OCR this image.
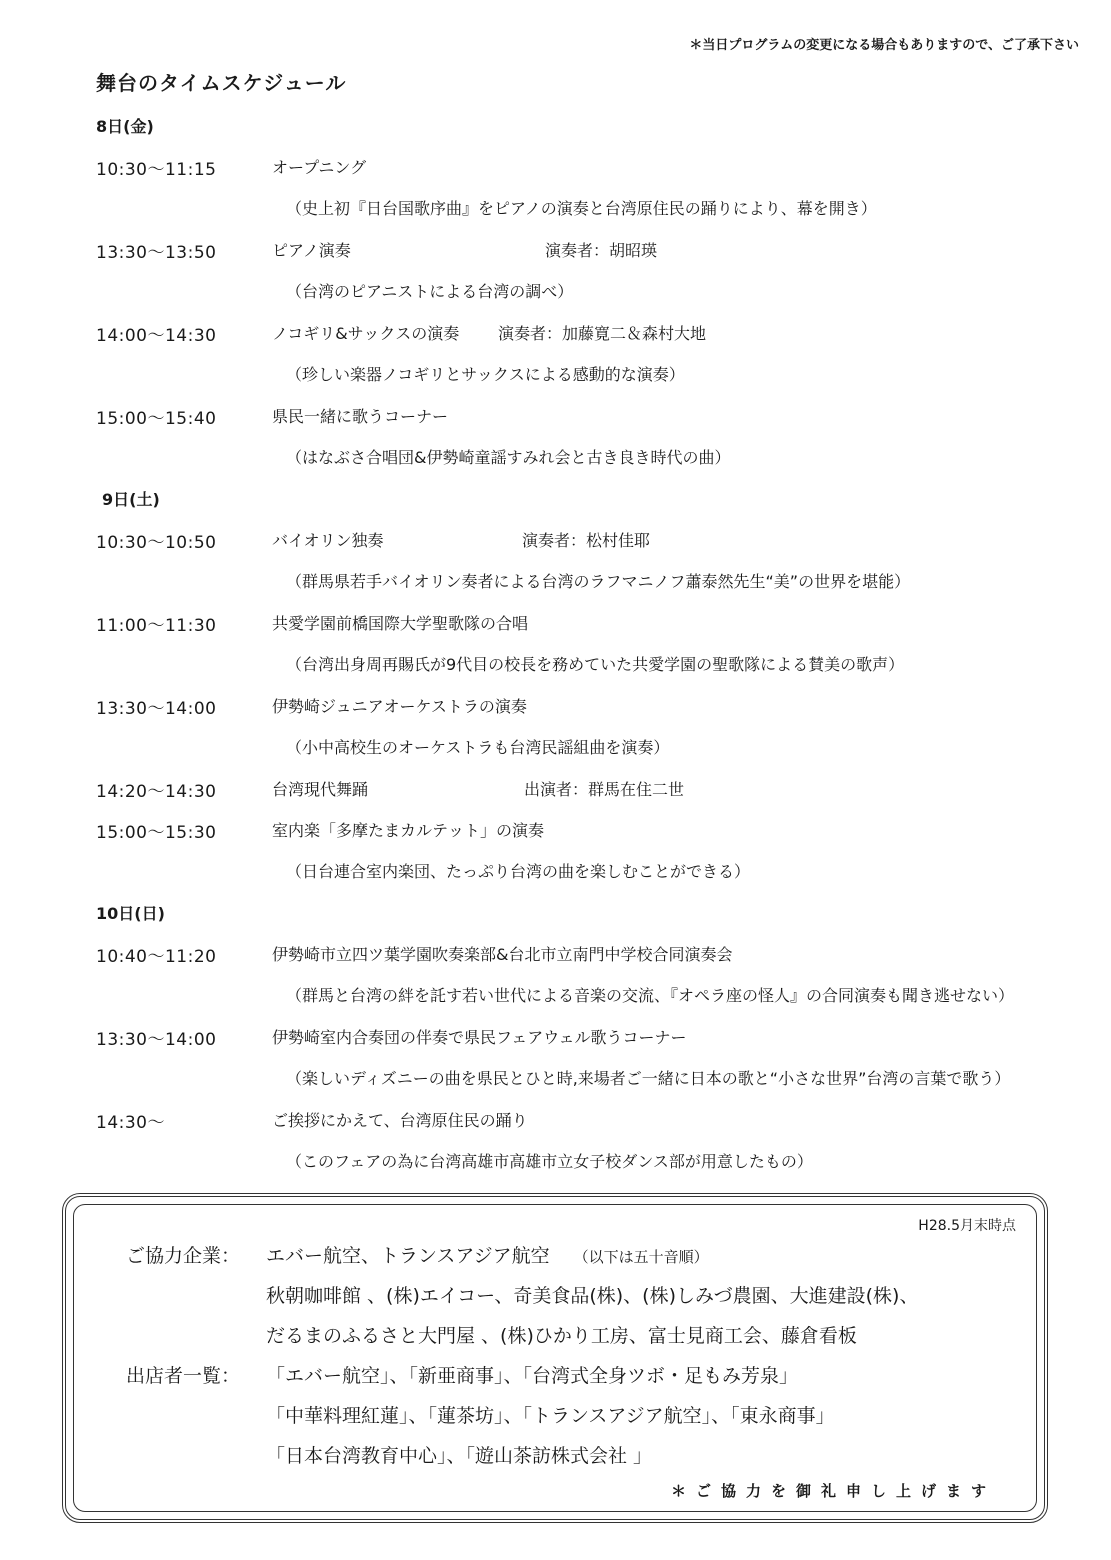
＊当日プログラムの変更になる場合もありますので、ご了承下さい
舞台のタイムスケジュール
8日(金)
10:30〜11:15	オープニング
（史上初『日台国歌序曲』をピアノの演奏と台湾原住民の踊りにより、幕を開き）
13:30〜13:50	ピアノ演奏	演奏者：胡昭瑛
（台湾のピアニストによる台湾の調べ）
14:00〜14:30	ノコギリ&サックスの演奏 演奏者：加藤寛二＆森村大地
（珍しい楽器ノコギリとサックスによる感動的な演奏）
15:00〜15:40	県民一緒に歌うコーナー
（はなぶさ合唱団&伊勢崎童謡すみれ会と古き良き時代の曲）
9日(土)
10:30〜10:50	バイオリン独奏	演奏者：松村佳耶
（群馬県若手バイオリン奏者による台湾のラフマニノフ蕭泰然先生“美”の世界を堪能）
11:00〜11:30	共愛学園前橋国際大学聖歌隊の合唱
（台湾出身周再賜氏が9代目の校長を務めていた共愛学園の聖歌隊による賛美の歌声）
13:30〜14:00	伊勢崎ジュニアオーケストラの演奏
（小中高校生のオーケストラも台湾民謡組曲を演奏）
14:20〜14:30	台湾現代舞踊	出演者：群馬在住二世
15:00〜15:30	室内楽「多摩たまカルテット」の演奏
（日台連合室内楽団、たっぷり台湾の曲を楽しむことができる）
10日(日)
10:40〜11:20	伊勢崎市立四ツ葉学園吹奏楽部&台北市立南門中学校合同演奏会
（群馬と台湾の絆を託す若い世代による音楽の交流、『オペラ座の怪人』の合同演奏も聞き逃せない）
13:30〜14:00	伊勢崎室内合奏団の伴奏で県民フェアウェル歌うコーナー
（楽しいディズニーの曲を県民とひと時,来場者ご一緒に日本の歌と“小さな世界”台湾の言葉で歌う）
14:30〜	ご挨拶にかえて、台湾原住民の踊り
（このフェアの為に台湾高雄市高雄市立女子校ダンス部が用意したもの）
H28.5月末時点
ご協力企業： エバー航空、トランスアジア航空 （以下は五十音順）
秋朝咖啡館 、(株)エイコー、奇美食品(株)、(株)しみづ農園、大進建設(株)、
だるまのふるさと大門屋 、(株)ひかり工房、富士見商工会、藤倉看板
出店者一覧： 「エバー航空」、「新亜商事」、「台湾式全身ツボ・足もみ芳泉」
「中華料理紅蓮」、「蓮茶坊」、「トランスアジア航空」、「東永商事」
「日本台湾教育中心」、「遊山茶訪株式会社 」
＊ご協力を御礼申し上げます
